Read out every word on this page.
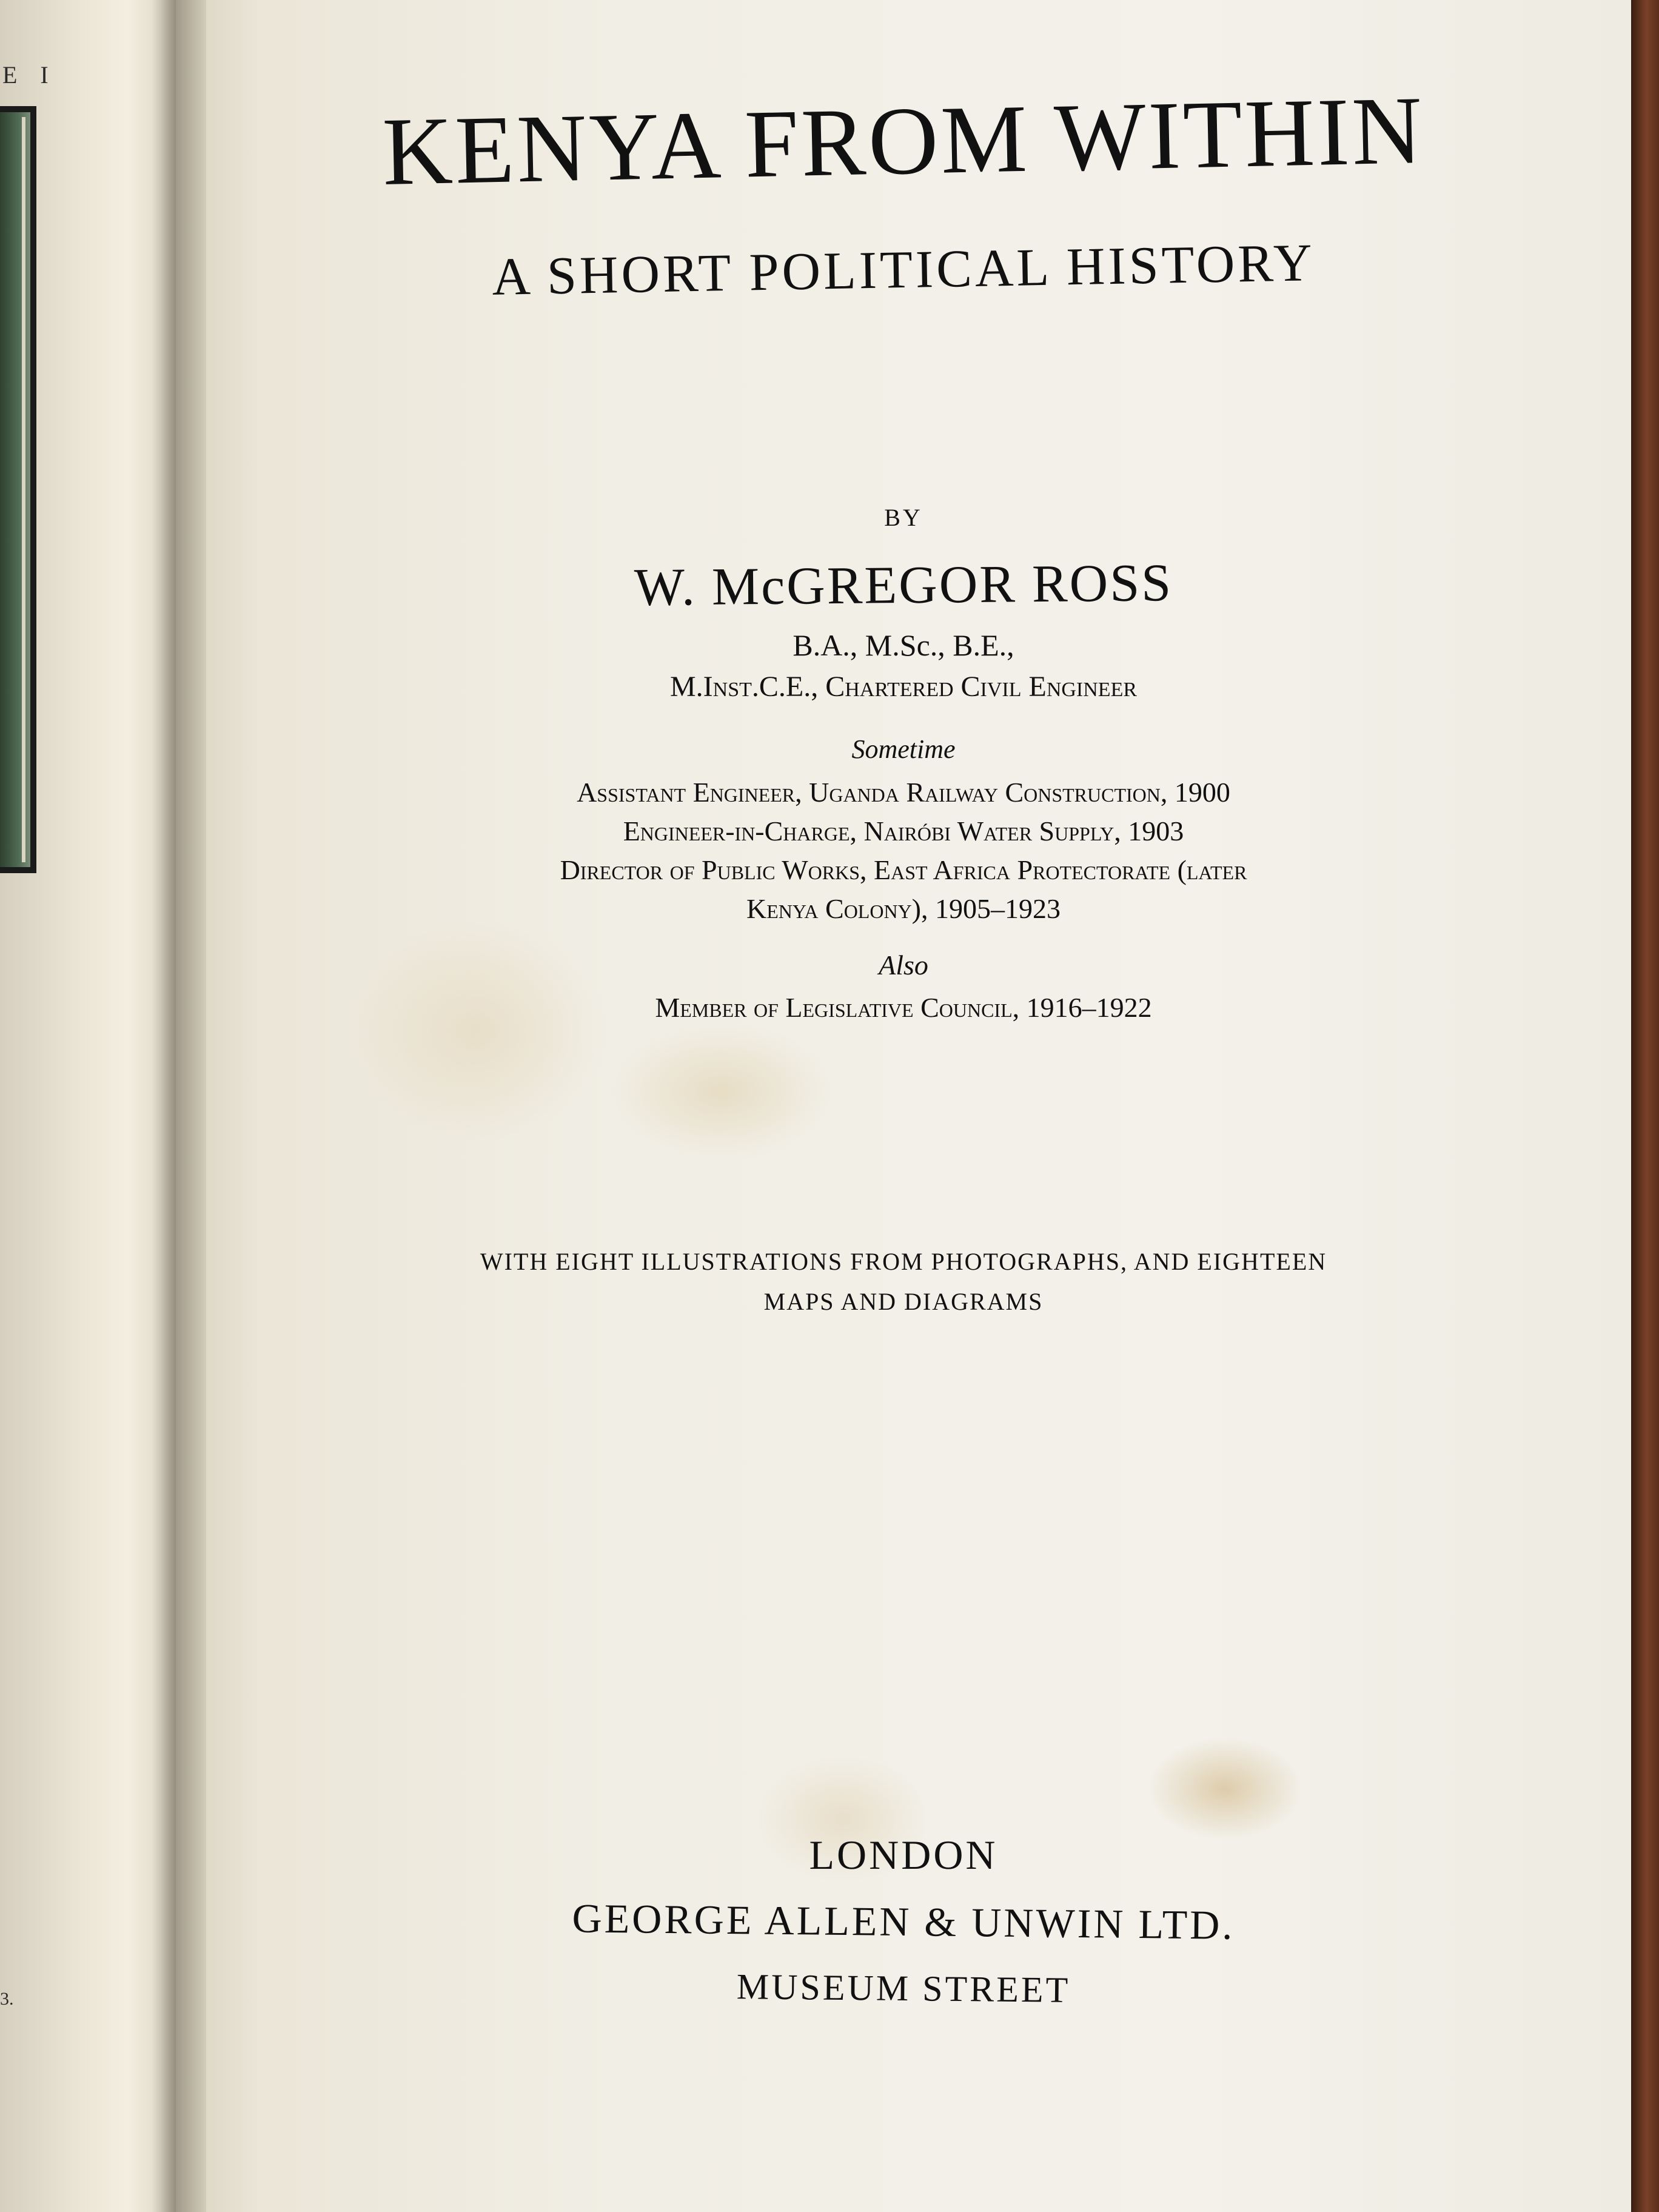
E I
3.
KENYA FROM WITHIN
A SHORT POLITICAL HISTORY
BY
W. McGREGOR ROSS
B.A., M.Sc., B.E.,
M.Inst.C.E., Chartered Civil Engineer
Sometime
Assistant Engineer, Uganda Railway Construction, 1900
Engineer-in-Charge, Nairóbi Water Supply, 1903
Director of Public Works, East Africa Protectorate (later
Kenya Colony), 1905–1923
Also
Member of Legislative Council, 1916–1922
WITH EIGHT ILLUSTRATIONS FROM PHOTOGRAPHS, AND EIGHTEEN
MAPS AND DIAGRAMS
LONDON
GEORGE ALLEN & UNWIN LTD.
MUSEUM STREET
